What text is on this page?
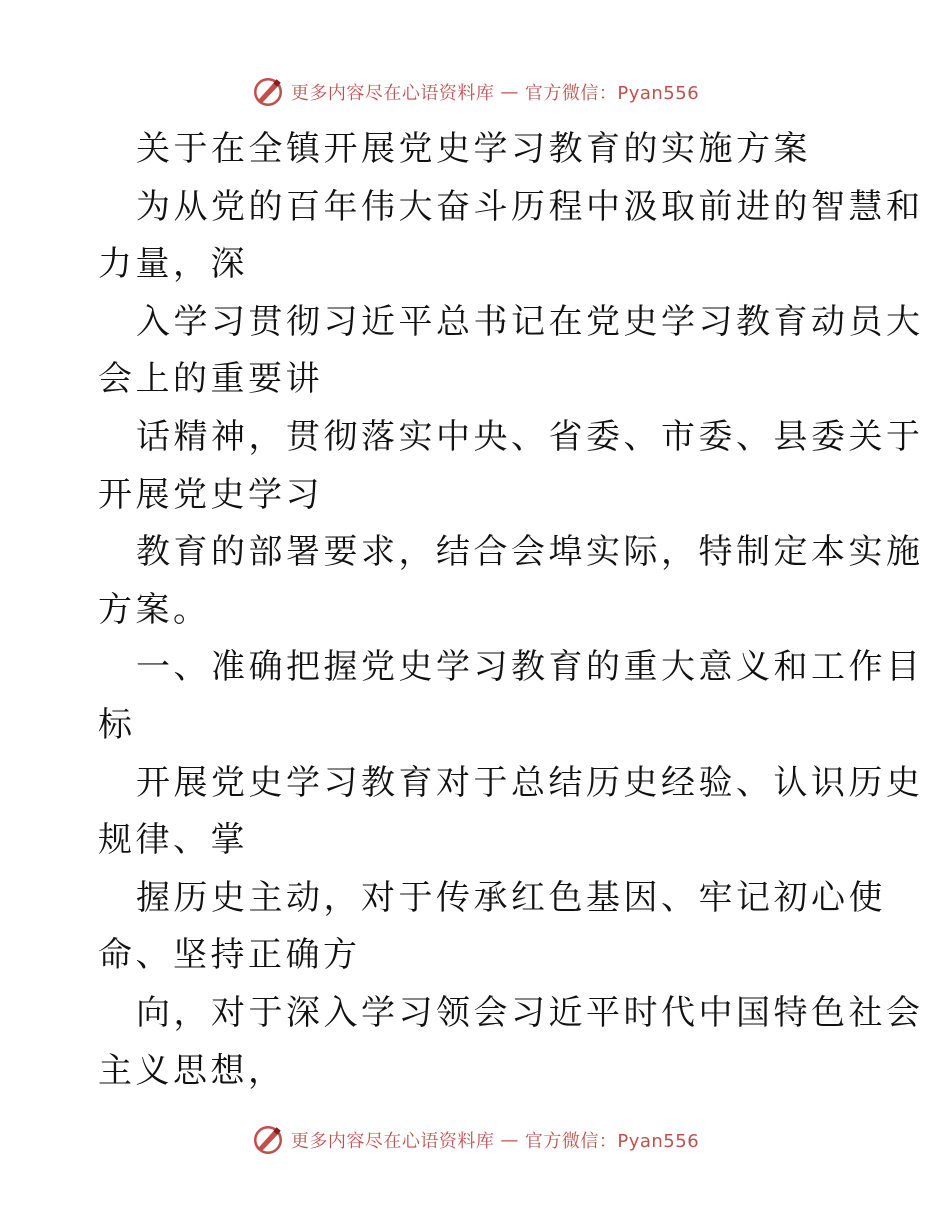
更多内容尽在心语资料库 — 官方微信：Pyan556
关于在全镇开展党史学习教育的实施方案
为从党的百年伟大奋斗历程中汲取前进的智慧和
力量，深
入学习贯彻习近平总书记在党史学习教育动员大
会上的重要讲
话精神，贯彻落实中央、省委、市委、县委关于
开展党史学习
教育的部署要求，结合会埠实际，特制定本实施
方案。
一、准确把握党史学习教育的重大意义和工作目
标
开展党史学习教育对于总结历史经验、认识历史
规律、掌
握历史主动，对于传承红色基因、牢记初心使
命、坚持正确方
向，对于深入学习领会习近平时代中国特色社会
主义思想，
更多内容尽在心语资料库 — 官方微信：Pyan556
